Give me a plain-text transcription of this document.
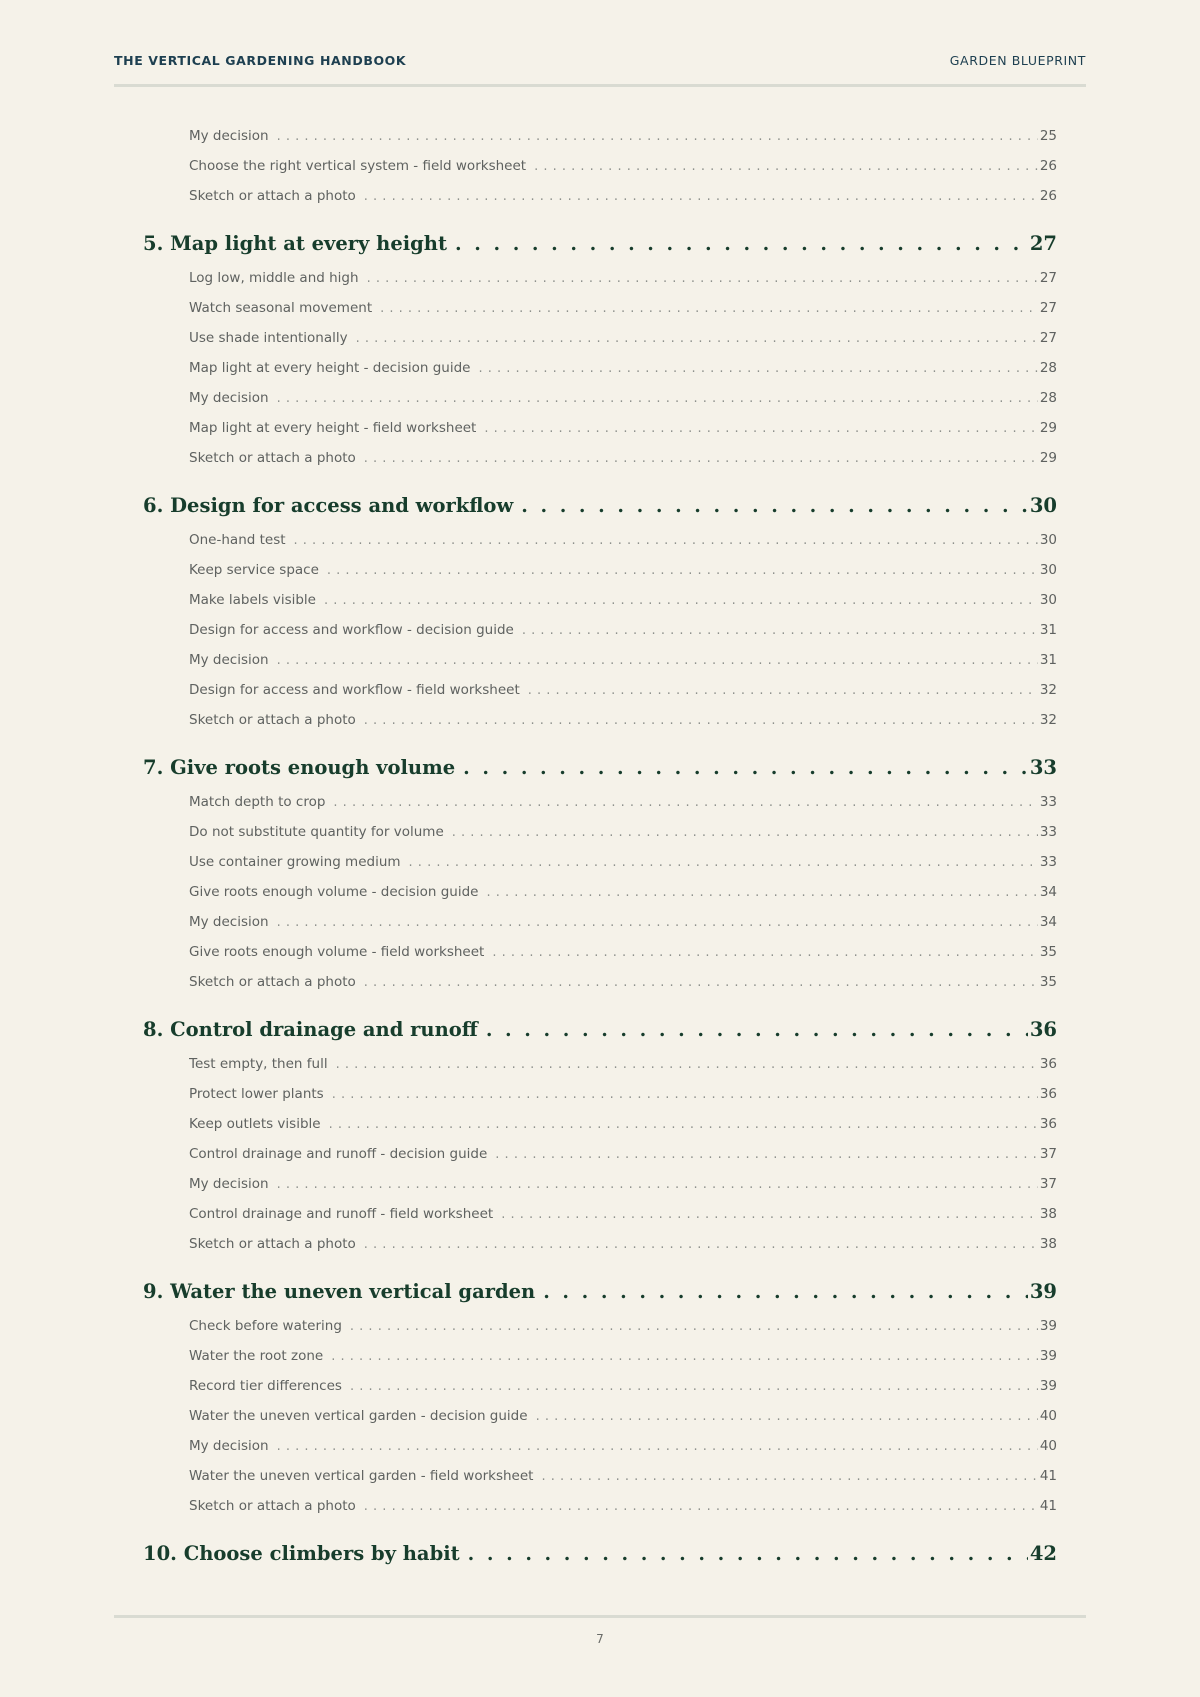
THE VERTICAL GARDENING HANDBOOK	GARDEN BLUEPRINT
My decision . . .	25
Choose the right vertical system - field worksheet . . .	26
Sketch or attach a photo . . .	26
5. Map light at every height . . .	27
Log low, middle and high . . .	27
Watch seasonal movement . . .	27
Use shade intentionally . . .	27
Map light at every height - decision guide . . .	28
My decision . . .	28
Map light at every height - field worksheet . . .	29
Sketch or attach a photo . . .	29
6. Design for access and workflow . . .	30
One-hand test . . .	30
Keep service space . . .	30
Make labels visible . . .	30
Design for access and workflow - decision guide . . .	31
My decision . . .	31
Design for access and workflow - field worksheet . . .	32
Sketch or attach a photo . . .	32
7. Give roots enough volume . . .	33
Match depth to crop . . .	33
Do not substitute quantity for volume . . .	33
Use container growing medium . . .	33
Give roots enough volume - decision guide . . .	34
My decision . . .	34
Give roots enough volume - field worksheet . . .	35
Sketch or attach a photo . . .	35
8. Control drainage and runoff . . .	36
Test empty, then full . . .	36
Protect lower plants . . .	36
Keep outlets visible . . .	36
Control drainage and runoff - decision guide . . .	37
My decision . . .	37
Control drainage and runoff - field worksheet . . .	38
Sketch or attach a photo . . .	38
9. Water the uneven vertical garden . . .	39
Check before watering . . .	39
Water the root zone . . .	39
Record tier differences . . .	39
Water the uneven vertical garden - decision guide . . .	40
My decision . . .	40
Water the uneven vertical garden - field worksheet . . .	41
Sketch or attach a photo . . .	41
10. Choose climbers by habit . . .	42
7
